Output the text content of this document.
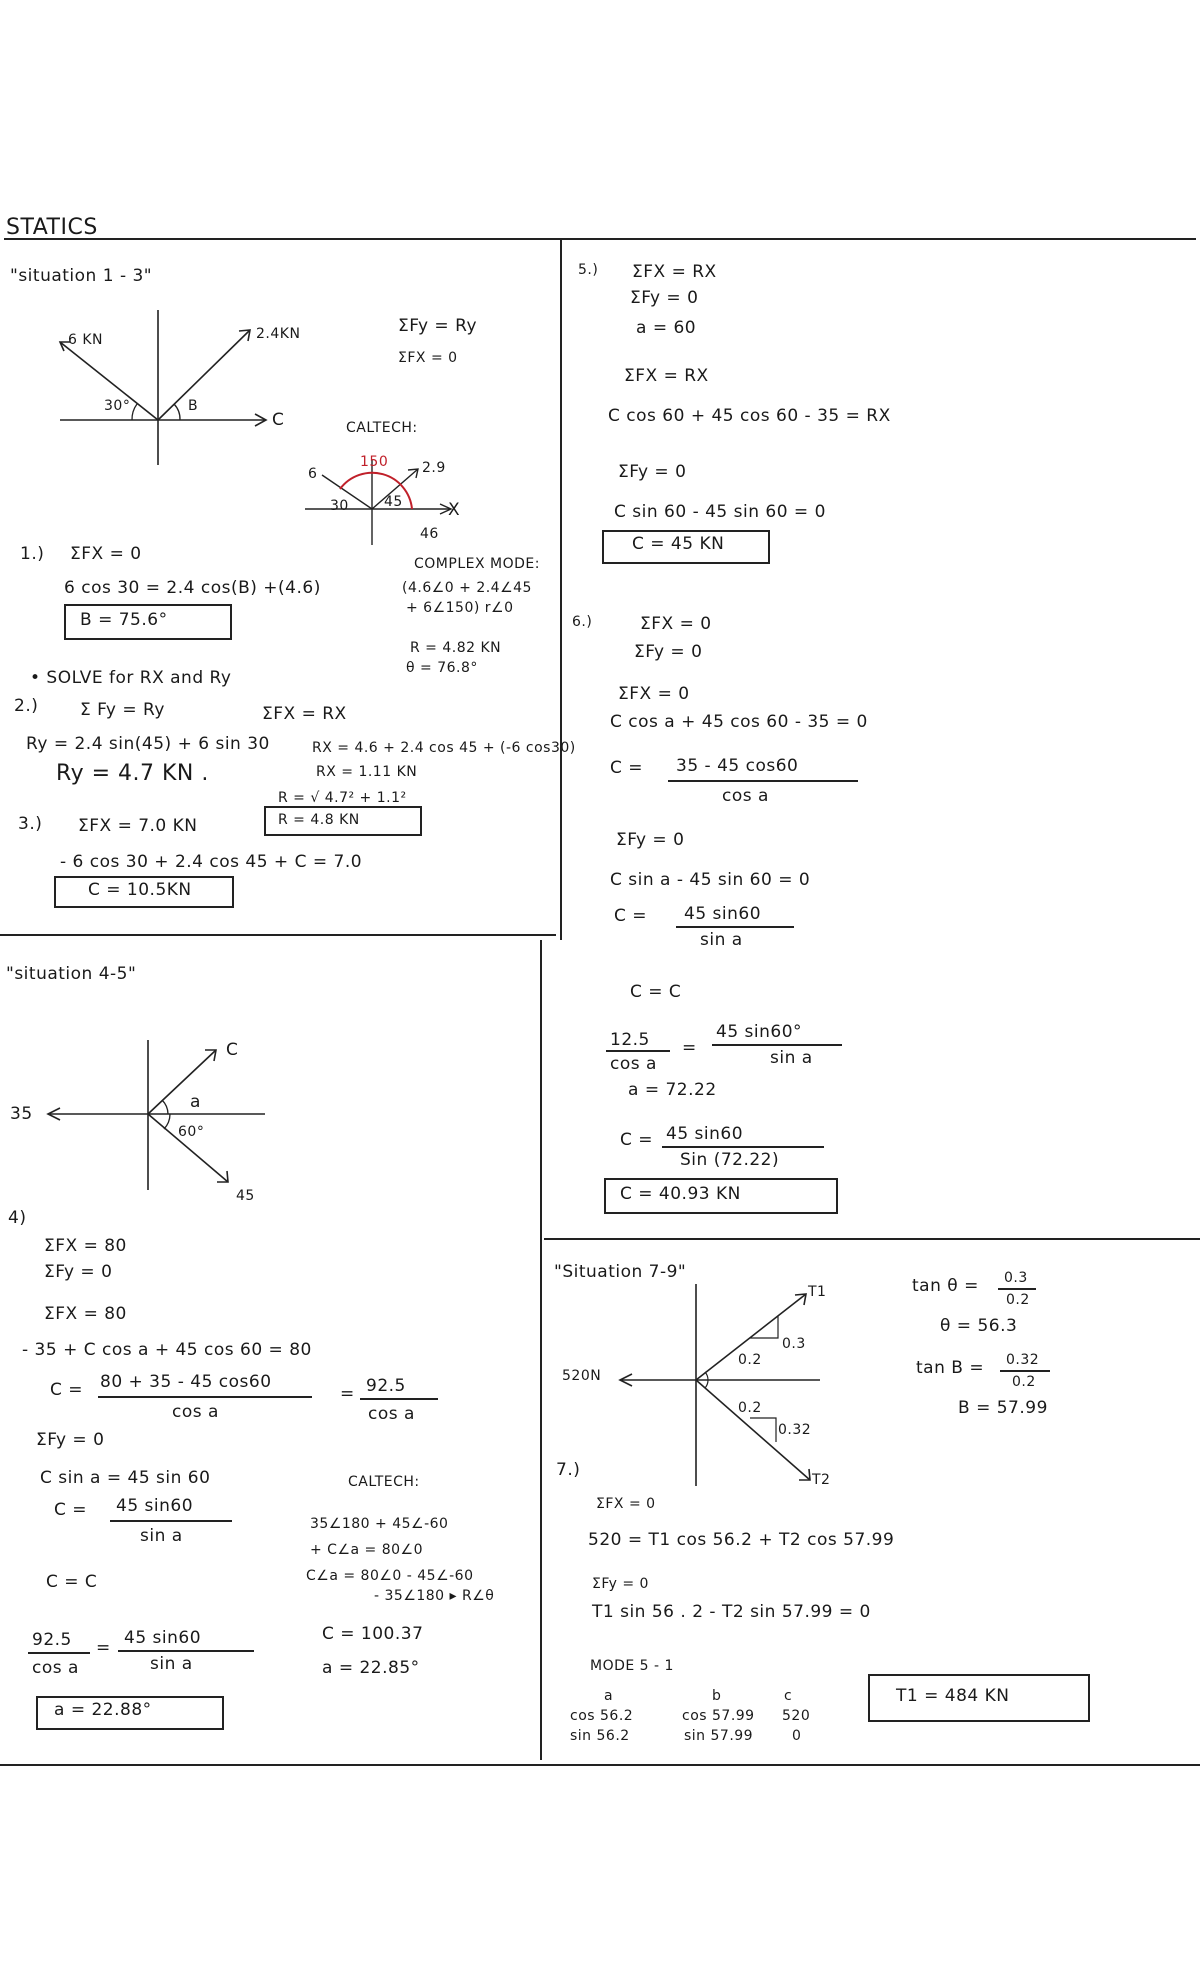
STATICS
"situation 1 - 3"
6 KN	2.4KN
30°	B
C
ΣFy = Ry
ΣFX = 0
CALTECH:
150
6	2.9
30	45
46
X
COMPLEX MODE:
(4.6∠0 + 2.4∠45
+ 6∠150) r∠0
R = 4.82 KN
θ = 76.8°
1.) ΣFX = 0
6 cos 30 = 2.4 cos(B) +(4.6)
B = 75.6°
• SOLVE for RX and Ry
2.) Σ Fy = Ry	ΣFX = RX
Ry = 2.4 sin(45) + 6 sin 30	RX = 4.6 + 2.4 cos 45 + (-6 cos30)
Ry = 4.7 KN .	RX = 1.11 KN
R = √ 4.7² + 1.1²
R = 4.8 KN
3.) ΣFX = 7.0 KN
- 6 cos 30 + 2.4 cos 45 + C = 7.0
C = 10.5KN
"situation 4-5"
35
C
a
60°
45
4)
ΣFX = 80
ΣFy = 0
ΣFX = 80
- 35 + C cos a + 45 cos 60 = 80
C = 80 + 35 - 45 cos60
cos a
= 92.5
cos a
ΣFy = 0
C sin a = 45 sin 60
C = 45 sin60
sin a
C = C
92.5
cos a
= 45 sin60
sin a
a = 22.88°
CALTECH:
35∠180 + 45∠-60
+ C∠a = 80∠0
C∠a = 80∠0 - 45∠-60
- 35∠180 ▸ R∠θ
C = 100.37
a = 22.85°
5.) ΣFX = RX
ΣFy = 0
a = 60
ΣFX = RX
C cos 60 + 45 cos 60 - 35 = RX
ΣFy = 0
C sin 60 - 45 sin 60 = 0
C = 45 KN
6.)	ΣFX = 0
ΣFy = 0
ΣFX = 0
C cos a + 45 cos 60 - 35 = 0
C = 35 - 45 cos60
cos a
ΣFy = 0
C sin a - 45 sin 60 = 0
C = 45 sin60
sin a
C = C
12.5
cos a
=
45 sin60°
sin a
a = 72.22
C = 45 sin60
Sin (72.22)
C = 40.93 KN
"Situation 7-9"
T1
T2
520N
0.3
0.2
0.2
0.32
tan θ = 0.3
0.2
θ = 56.3
tan B = 0.32
0.2
B = 57.99
7.)
ΣFX = 0
520 = T1 cos 56.2 + T2 cos 57.99
ΣFy = 0
T1 sin 56 . 2 - T2 sin 57.99 = 0
MODE 5 - 1
a	b	c
cos 56.2	cos 57.99 520
sin 56.2	sin 57.99	0
T1 = 484 KN
